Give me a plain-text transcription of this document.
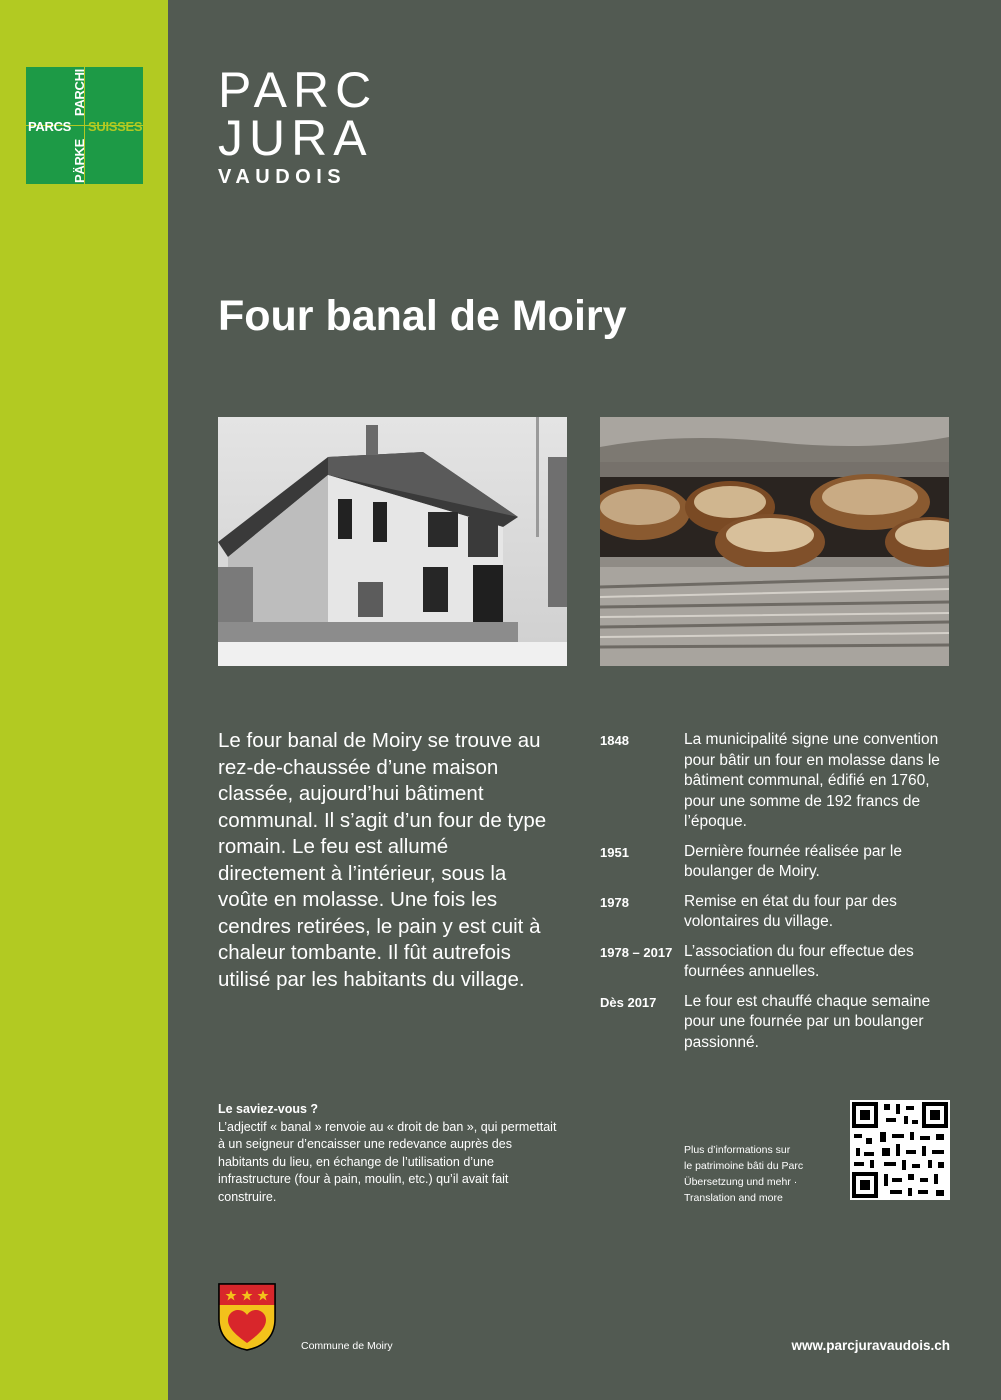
PARCS SUISSES
PARCHI
PÄRKE
PARC
JURA
VAUDOIS
Four banal de Moiry

Le four banal de Moiry se trouve au rez-de-chaussée d’une maison classée, aujourd’hui bâtiment communal. Il s’agit d’un four de type romain. Le feu est allumé directement à l’intérieur, sous la voûte en molasse. Une fois les cendres retirées, le pain y est cuit à chaleur tombante. Il fût autrefois utilisé par les habitants du village.

1848	La municipalité signe une convention pour bâtir un four en molasse dans le bâtiment communal, édifié en 1760, pour une somme de 192 francs de l’époque.
1951	Dernière fournée réalisée par le boulanger de Moiry.
1978	Remise en état du four par des volontaires du village.
1978 – 2017 L’association du four effectue des fournées annuelles.
Dès 2017	Le four est chauffé chaque semaine pour une fournée par un boulanger passionné.
Le saviez-vous ?
L’adjectif « banal » renvoie au « droit de ban », qui permettait à un seigneur d’encaisser une redevance auprès des habitants du lieu, en échange de l’utilisation d’une infrastructure (four à pain, moulin, etc.) qu’il avait fait construire.
Plus d’informations sur
le patrimoine bâti du Parc
Übersetzung und mehr ·
Translation and more
Commune de Moiry	www.parcjuravaudois.ch
